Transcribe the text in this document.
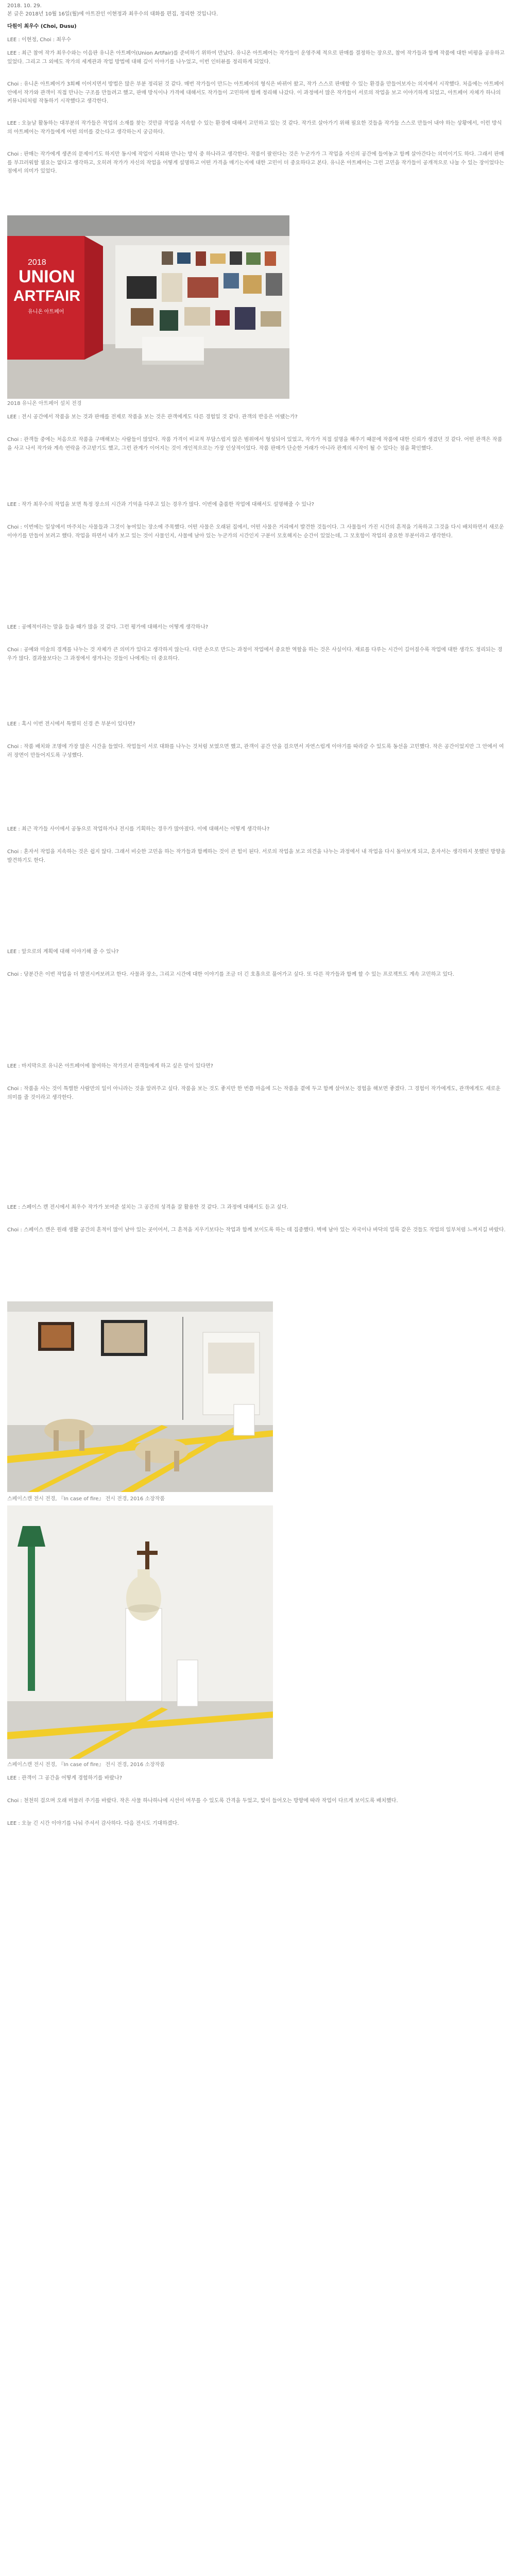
2018. 10. 29.
본 글은 2018년 10월 16일(월)에 아트잔인 이현정과 최우수의 대화를 편집, 정리한 것입니다.
다원이 최우수 (Choi, Dusu)

LEE : 이현정, Choi : 최우수

LEE : 최근 참여 작가 최우수와는 이음판 유니온 아트페어(Union ArtFair)를 준비하기 위하여 만났다. 유니온 아트페어는 작가들이 운영주체 적으로 판매를 결정하는 장으로, 참여 작가들과 함께 작품에 대한 비평을 공유하고 있었다. 그리고 그 외에도 작가의 세계관과 작업 방법에 대해 깊이 이야기를 나누었고, 이번 인터뷰를 정리하게 되었다.

Choi : 유니온 아트페어가 3회째 이어지면서 방법은 많은 부분 정리된 것 같다. 매번 작가들이 만드는 아트페어의 형식은 바뀌어 왔고, 작가 스스로 판매할 수 있는 환경을 만들어보자는 의지에서 시작했다. 처음에는 아트페어 안에서 작가와 관객이 직접 만나는 구조를 만들려고 했고, 판매 방식이나 가격에 대해서도 작가들이 고민하며 함께 정리해 나갔다. 이 과정에서 많은 작가들이 서로의 작업을 보고 이야기하게 되었고, 아트페어 자체가 하나의 커뮤니티처럼 작동하기 시작했다고 생각한다.

LEE : 오늘날 활동하는 대부분의 작가들은 작업의 소재를 찾는 것만큼 작업을 지속할 수 있는 환경에 대해서 고민하고 있는 것 같다. 작가로 살아가기 위해 필요한 것들을 작가들 스스로 만들어 내야 하는 상황에서, 이런 방식의 아트페어는 작가들에게 어떤 의미를 갖는다고 생각하는지 궁금하다.

Choi : 판매는 작가에게 생존의 문제이기도 하지만 동시에 작업이 사회와 만나는 방식 중 하나라고 생각한다. 작품이 팔린다는 것은 누군가가 그 작업을 자신의 공간에 들여놓고 함께 살아간다는 의미이기도 하다. 그래서 판매를 부끄러워할 필요는 없다고 생각하고, 오히려 작가가 자신의 작업을 어떻게 설명하고 어떤 가격을 매기는지에 대한 고민이 더 중요하다고 본다. 유니온 아트페어는 그런 고민을 작가들이 공개적으로 나눌 수 있는 장이었다는 점에서 의미가 있었다.

2018
UNION
ARTFAIR
유니온 아트페어
2018 유니온 아트페어 설치 전경

LEE : 전시 공간에서 작품을 보는 것과 판매를 전제로 작품을 보는 것은 관객에게도 다른 경험일 것 같다. 관객의 반응은 어땠는가?

Choi : 관객들 중에는 처음으로 작품을 구매해보는 사람들이 많았다. 작품 가격이 비교적 부담스럽지 않은 범위에서 형성되어 있었고, 작가가 직접 설명을 해주기 때문에 작품에 대한 신뢰가 생겼던 것 같다. 어떤 관객은 작품을 사고 나서 작가와 계속 연락을 주고받기도 했고, 그런 관계가 이어지는 것이 개인적으로는 가장 인상적이었다. 작품 판매가 단순한 거래가 아니라 관계의 시작이 될 수 있다는 점을 확인했다.

LEE : 작가 최우수의 작업을 보면 특정 장소의 시간과 기억을 다루고 있는 경우가 많다. 이번에 출품한 작업에 대해서도 설명해줄 수 있나?

Choi : 이번에는 일상에서 마주치는 사물들과 그것이 놓여있는 장소에 주목했다. 어떤 사물은 오래된 집에서, 어떤 사물은 거리에서 발견한 것들이다. 그 사물들이 가진 시간의 흔적을 기록하고 그것을 다시 배치하면서 새로운 이야기를 만들어 보려고 했다. 작업을 하면서 내가 보고 있는 것이 사물인지, 사물에 남아 있는 누군가의 시간인지 구분이 모호해지는 순간이 있었는데, 그 모호함이 작업의 중요한 부분이라고 생각한다.

LEE : 공예적이라는 말을 들을 때가 많을 것 같다. 그런 평가에 대해서는 어떻게 생각하나?

Choi : 공예와 미술의 경계를 나누는 것 자체가 큰 의미가 있다고 생각하지 않는다. 다만 손으로 만드는 과정이 작업에서 중요한 역할을 하는 것은 사실이다. 재료를 다루는 시간이 길어질수록 작업에 대한 생각도 정리되는 경우가 많다. 결과물보다는 그 과정에서 생겨나는 것들이 나에게는 더 중요하다.

LEE : 혹시 이번 전시에서 특별히 신경 쓴 부분이 있다면?

Choi : 작품 배치와 조명에 가장 많은 시간을 들였다. 작업들이 서로 대화를 나누는 것처럼 보였으면 했고, 관객이 공간 안을 걸으면서 자연스럽게 이야기를 따라갈 수 있도록 동선을 고민했다. 작은 공간이었지만 그 안에서 여러 장면이 만들어지도록 구성했다.

LEE : 최근 작가들 사이에서 공동으로 작업하거나 전시를 기획하는 경우가 많아졌다. 이에 대해서는 어떻게 생각하나?

Choi : 혼자서 작업을 지속하는 것은 쉽지 않다. 그래서 비슷한 고민을 하는 작가들과 함께하는 것이 큰 힘이 된다. 서로의 작업을 보고 의견을 나누는 과정에서 내 작업을 다시 돌아보게 되고, 혼자서는 생각하지 못했던 방향을 발견하기도 한다.

LEE : 앞으로의 계획에 대해 이야기해 줄 수 있나?

Choi : 당분간은 이번 작업을 더 발전시켜보려고 한다. 사물과 장소, 그리고 시간에 대한 이야기를 조금 더 긴 호흡으로 풀어가고 싶다. 또 다른 작가들과 함께 할 수 있는 프로젝트도 계속 고민하고 있다.

LEE : 마지막으로 유니온 아트페어에 참여하는 작가로서 관객들에게 하고 싶은 말이 있다면?

Choi : 작품을 사는 것이 특별한 사람만의 일이 아니라는 것을 알려주고 싶다. 작품을 보는 것도 좋지만 한 번쯤 마음에 드는 작품을 곁에 두고 함께 살아보는 경험을 해보면 좋겠다. 그 경험이 작가에게도, 관객에게도 새로운 의미를 줄 것이라고 생각한다.

LEE : 스페이스 캔 전시에서 최우수 작가가 보여준 설치는 그 공간의 성격을 잘 활용한 것 같다. 그 과정에 대해서도 듣고 싶다.

Choi : 스페이스 캔은 원래 생활 공간의 흔적이 많이 남아 있는 곳이어서, 그 흔적을 지우기보다는 작업과 함께 보이도록 하는 데 집중했다. 벽에 남아 있는 자국이나 바닥의 얼룩 같은 것들도 작업의 일부처럼 느껴지길 바랐다.

스페이스캔 전시 전경, 『In case of fire』 전시 전경, 2016 소장작품
스페이스캔 전시 전경, 『In case of fire』 전시 전경, 2016 소장작품

LEE : 관객이 그 공간을 어떻게 경험하기를 바랐나?

Choi : 천천히 걸으며 오래 머물러 주기를 바랐다. 작은 사물 하나하나에 시선이 머무를 수 있도록 간격을 두었고, 빛이 들어오는 방향에 따라 작업이 다르게 보이도록 배치했다.

LEE : 오늘 긴 시간 이야기를 나눠 주셔서 감사하다. 다음 전시도 기대하겠다.
